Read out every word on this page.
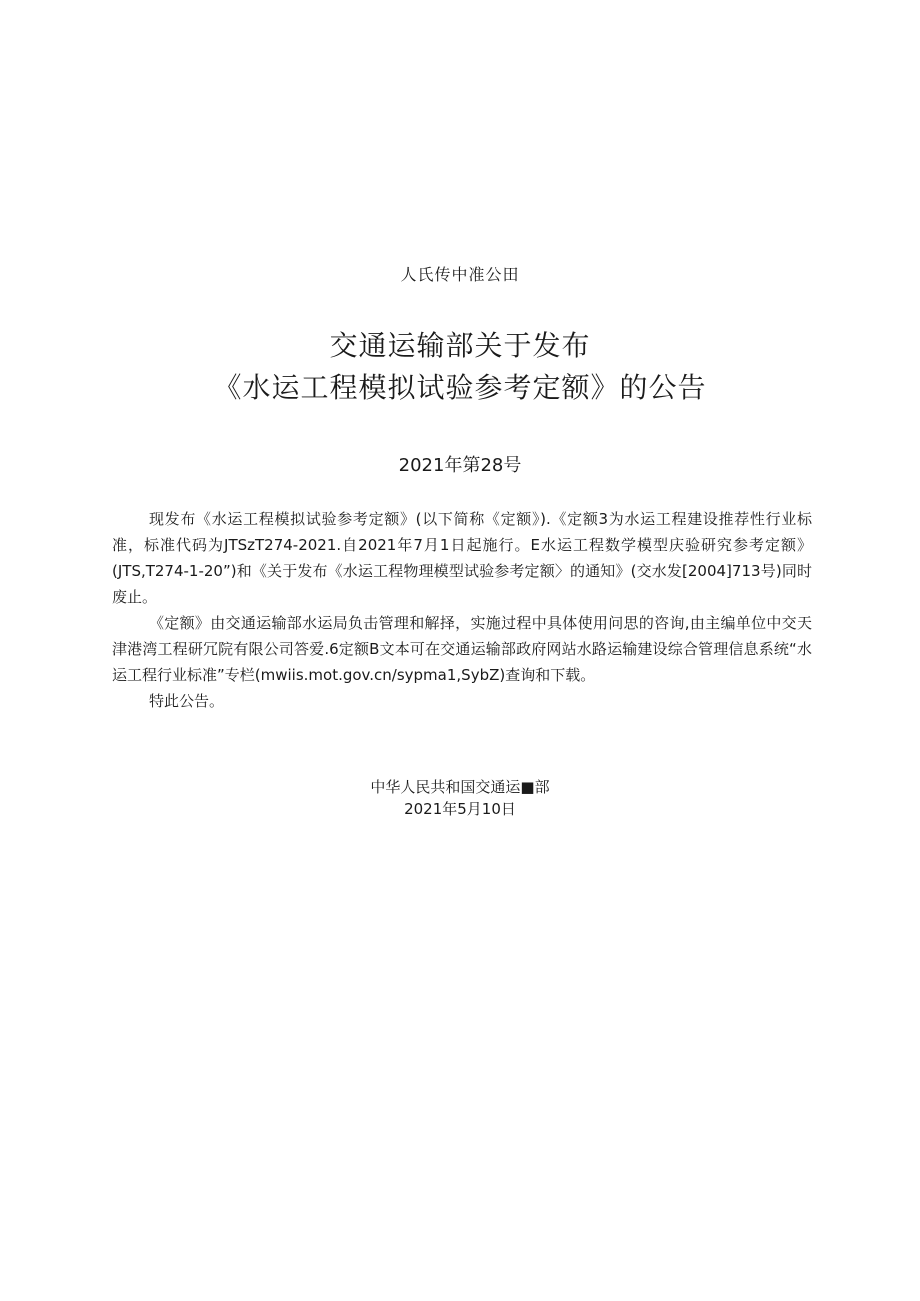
人氏传中准公田
交通运输部关于发布
《水运工程模拟试验参考定额》的公告
2021年第28号

现发布《水运工程模拟试验参考定额》(以下简称《定额》).《定额3为水运工程建设推荐性行业标准，标准代码为JTSzT274-2021.自2021年7月1日起施行。E水运工程数学模型庆验研究参考定额》(JTS,T274-1-20”)和《关于发布《水运工程物理模型试验参考定额〉的通知》(交水发[2004]713号)同时废止。

《定额》由交通运输部水运局负击管理和解择，实施过程中具体使用问思的咨询,由主编单位中交天津港湾工程研冗院有限公司答爱.6定额B文本可在交通运输部政府网站水路运输建设综合管理信息系统“水运工程行业标准”专栏(mwiis.mot.gov.cn/sypma1,SybZ)查询和下载。

特此公告。

中华人民共和国交通运■部
2021年5月10日
